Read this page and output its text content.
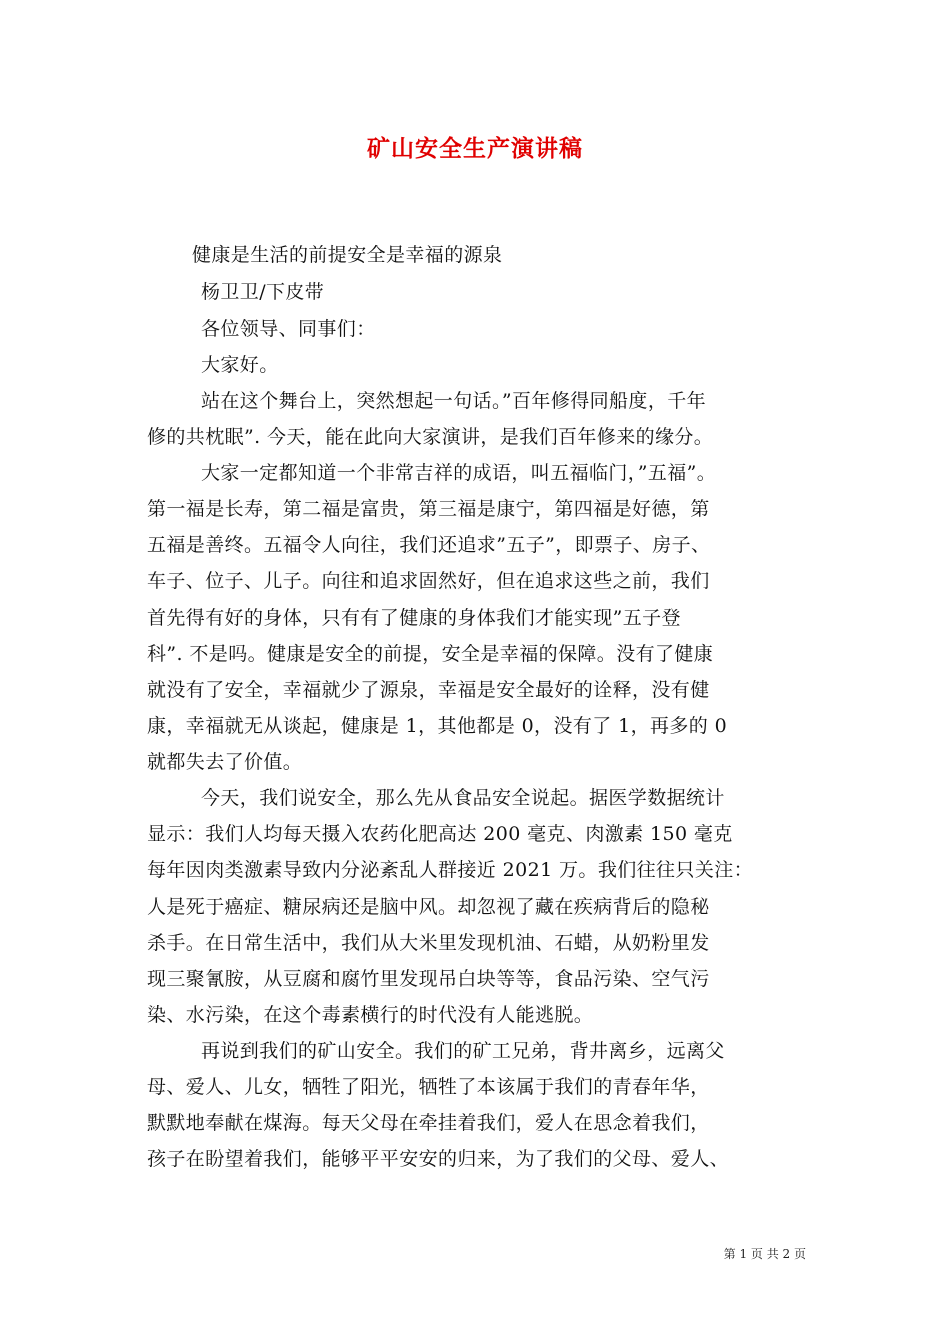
矿山安全生产演讲稿
健康是生活的前提安全是幸福的源泉
杨卫卫/下皮带
各位领导、同事们：
大家好。
站在这个舞台上，突然想起一句话。”百年修得同船度，千年
修的共枕眠”. 今天，能在此向大家演讲，是我们百年修来的缘分。
大家一定都知道一个非常吉祥的成语，叫五福临门，”五福”。
第一福是长寿，第二福是富贵，第三福是康宁，第四福是好德，第
五福是善终。五福令人向往，我们还追求”五子”，即票子、房子、
车子、位子、儿子。向往和追求固然好，但在追求这些之前，我们
首先得有好的身体，只有有了健康的身体我们才能实现”五子登
科”. 不是吗。健康是安全的前提，安全是幸福的保障。没有了健康
就没有了安全，幸福就少了源泉，幸福是安全最好的诠释，没有健
康，幸福就无从谈起，健康是 1，其他都是 0，没有了 1，再多的 0
就都失去了价值。
今天，我们说安全，那么先从食品安全说起。据医学数据统计
显示：我们人均每天摄入农药化肥高达 200 毫克、肉激素 150 毫克
每年因肉类激素导致内分泌紊乱人群接近 2021 万。我们往往只关注：
人是死于癌症、糖尿病还是脑中风。却忽视了藏在疾病背后的隐秘
杀手。在日常生活中，我们从大米里发现机油、石蜡，从奶粉里发
现三聚氰胺，从豆腐和腐竹里发现吊白块等等，食品污染、空气污
染、水污染，在这个毒素横行的时代没有人能逃脱。
再说到我们的矿山安全。我们的矿工兄弟，背井离乡，远离父
母、爱人、儿女，牺牲了阳光，牺牲了本该属于我们的青春年华，
默默地奉献在煤海。每天父母在牵挂着我们，爱人在思念着我们，
孩子在盼望着我们，能够平平安安的归来，为了我们的父母、爱人、
第 1 页 共 2 页
